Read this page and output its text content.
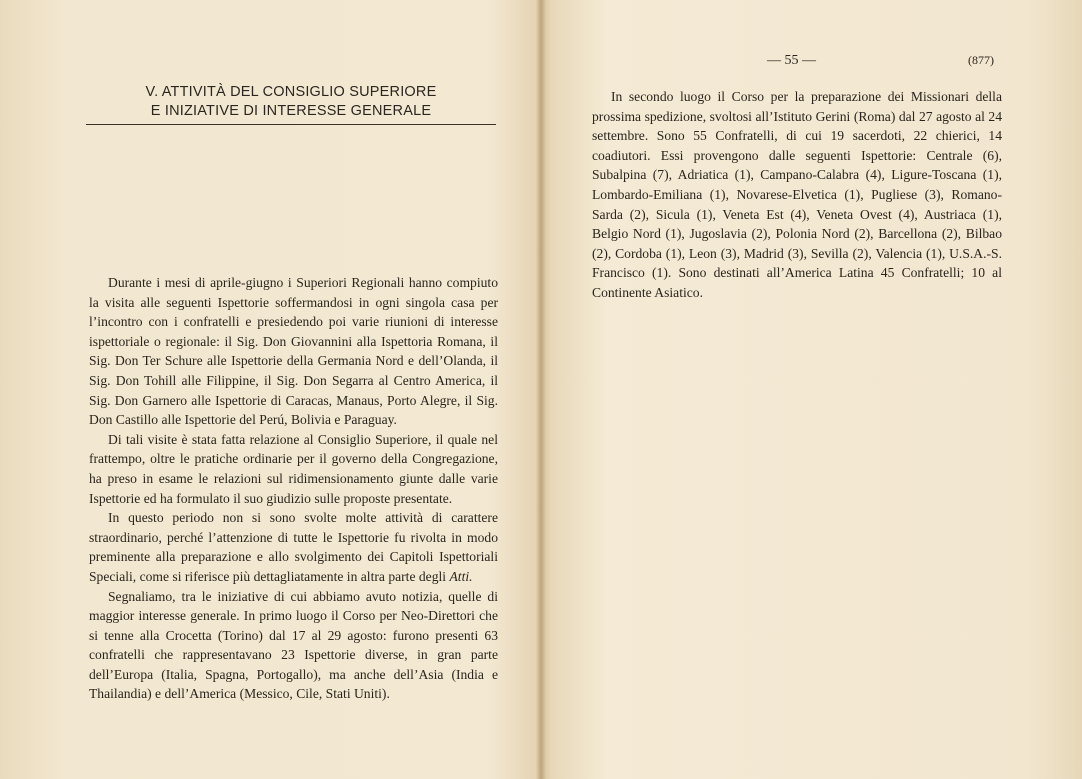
V. ATTIVITÀ DEL CONSIGLIO SUPERIORE
E INIZIATIVE DI INTERESSE GENERALE

Durante i mesi di aprile-giugno i Superiori Regionali hanno compiuto la visita alle seguenti Ispettorie soffermandosi in ogni singola casa per l’incontro con i confratelli e presiedendo poi varie riunioni di interesse ispettoriale o regionale: il Sig. Don Giovannini alla Ispettoria Romana, il Sig. Don Ter Schure alle Ispettorie della Germania Nord e dell’Olanda, il Sig. Don Tohill alle Filippine, il Sig. Don Segarra al Centro America, il Sig. Don Garnero alle Ispettorie di Caracas, Manaus, Porto Alegre, il Sig. Don Castillo alle Ispettorie del Perú, Bolivia e Paraguay.

Di tali visite è stata fatta relazione al Consiglio Superiore, il quale nel frattempo, oltre le pratiche ordinarie per il governo della Congregazione, ha preso in esame le relazioni sul ridimensionamento giunte dalle varie Ispettorie ed ha formulato il suo giudizio sulle proposte presentate.

In questo periodo non si sono svolte molte attività di carattere straordinario, perché l’attenzione di tutte le Ispettorie fu rivolta in modo preminente alla preparazione e allo svolgimento dei Capitoli Ispettoriali Speciali, come si riferisce più dettagliatamente in altra parte degli Atti.

Segnaliamo, tra le iniziative di cui abbiamo avuto notizia, quelle di maggior interesse generale. In primo luogo il Corso per Neo-Direttori che si tenne alla Crocetta (Torino) dal 17 al 29 agosto: furono presenti 63 confratelli che rappresentavano 23 Ispettorie diverse, in gran parte dell’Europa (Italia, Spagna, Portogallo), ma anche dell’Asia (India e Thailandia) e dell’America (Messico, Cile, Stati Uniti).

— 55 —	(877)

In secondo luogo il Corso per la preparazione dei Missionari della prossima spedizione, svoltosi all’Istituto Gerini (Roma) dal 27 agosto al 24 settembre. Sono 55 Confratelli, di cui 19 sacerdoti, 22 chierici, 14 coadiutori. Essi provengono dalle seguenti Ispettorie: Centrale (6), Subalpina (7), Adriatica (1), Campano-Calabra (4), Ligure-Toscana (1), Lombardo-Emiliana (1), Novarese-Elvetica (1), Pugliese (3), Romano-Sarda (2), Sicula (1), Veneta Est (4), Veneta Ovest (4), Austriaca (1), Belgio Nord (1), Jugoslavia (2), Polonia Nord (2), Barcellona (2), Bilbao (2), Cordoba (1), Leon (3), Madrid (3), Sevilla (2), Valencia (1), U.S.A.-S. Francisco (1). Sono destinati all’America Latina 45 Confratelli; 10 al Continente Asiatico.
